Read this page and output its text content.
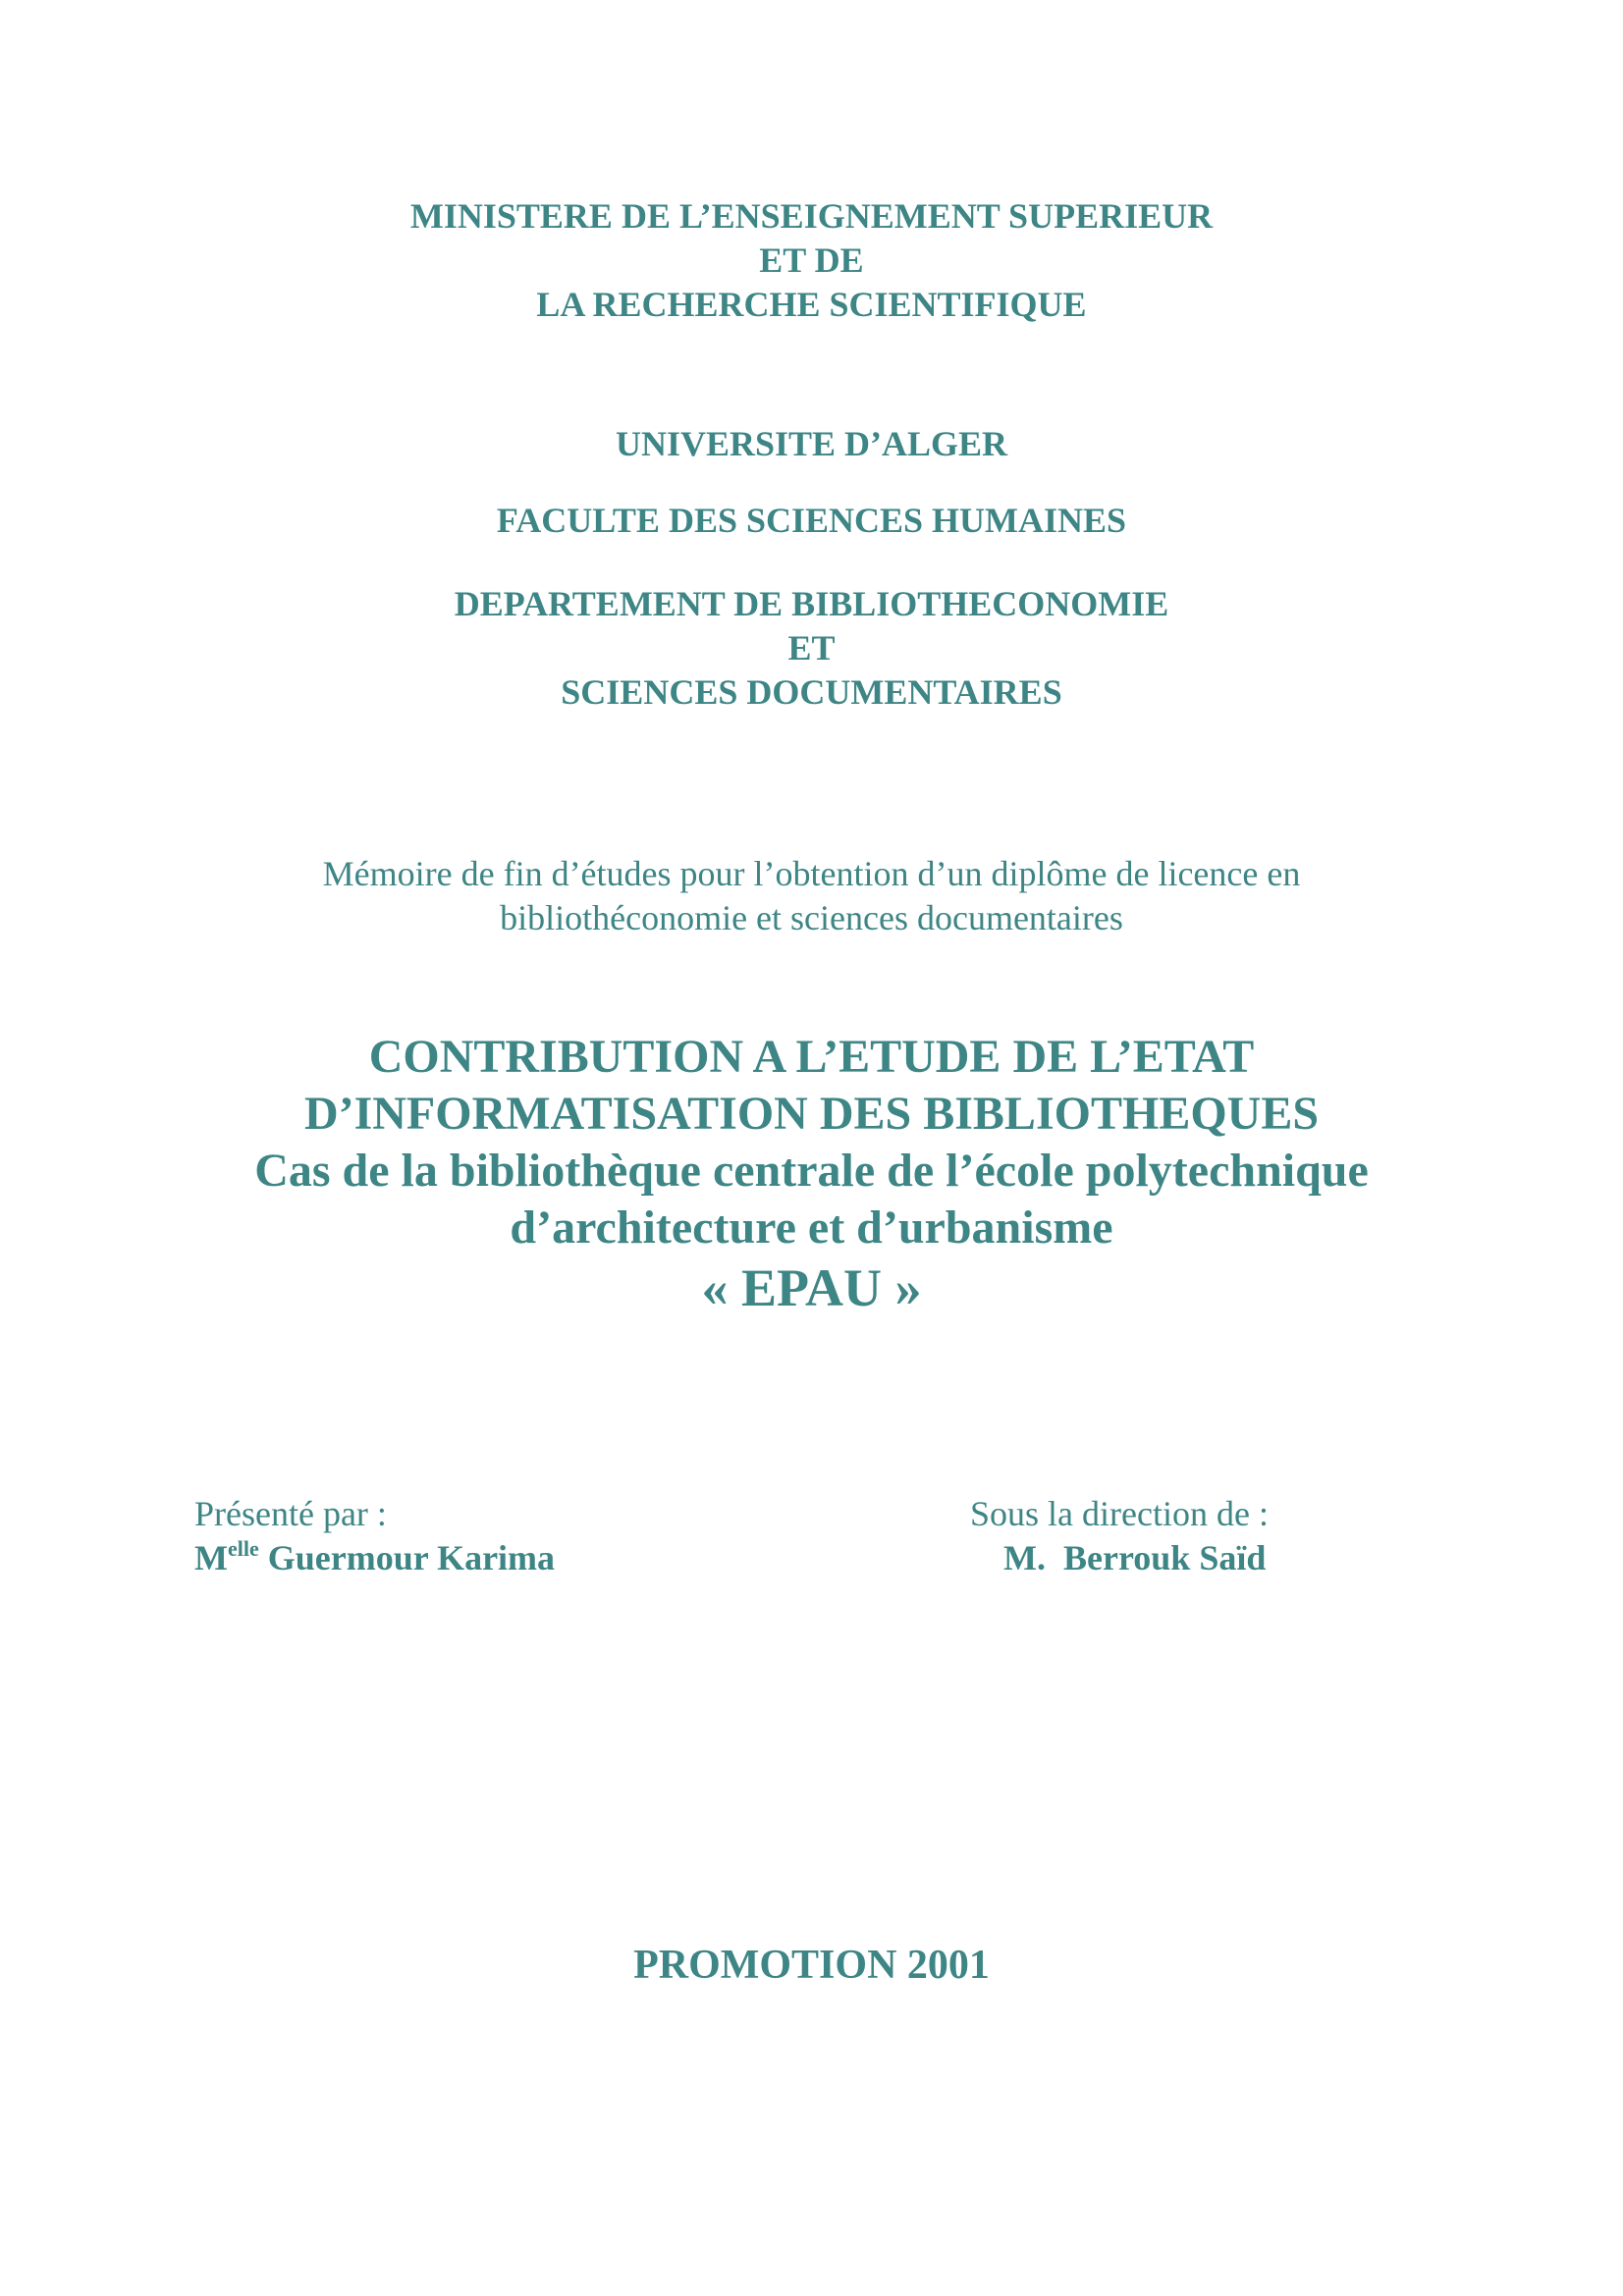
MINISTERE DE L’ENSEIGNEMENT SUPERIEUR
ET DE
LA RECHERCHE SCIENTIFIQUE
UNIVERSITE D’ALGER
FACULTE DES SCIENCES HUMAINES
DEPARTEMENT DE BIBLIOTHECONOMIE
ET
SCIENCES DOCUMENTAIRES
Mémoire de fin d’études pour l’obtention d’un diplôme de licence en
bibliothéconomie et sciences documentaires
CONTRIBUTION A L’ETUDE DE L’ETAT
D’INFORMATISATION DES BIBLIOTHEQUES
Cas de la bibliothèque centrale de l’école polytechnique
d’architecture et d’urbanisme
« EPAU »
Présenté par :
$M^{elle}$ Guermour Karima
Sous la direction de :
M.  Berrouk Saïd
PROMOTION 2001
